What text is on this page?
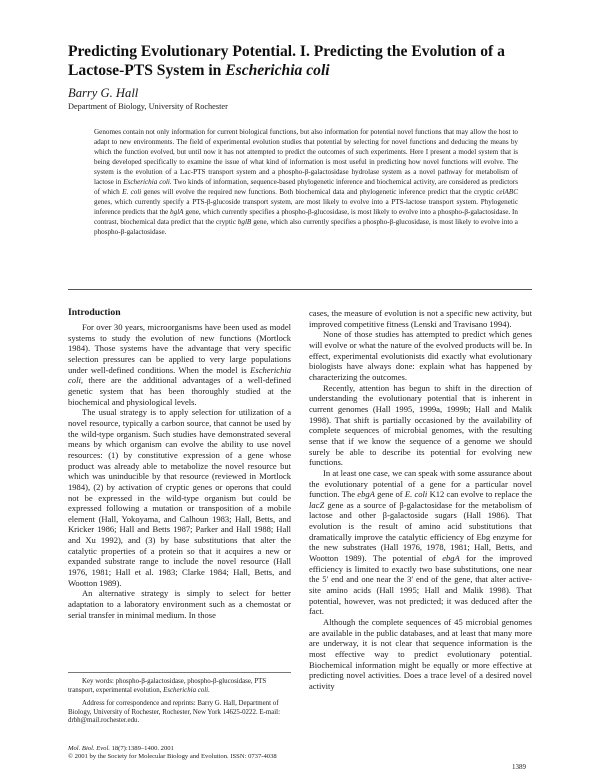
Predicting Evolutionary Potential. I. Predicting the Evolution of a Lactose-PTS System in Escherichia coli
Barry G. Hall
Department of Biology, University of Rochester
Genomes contain not only information for current biological functions, but also information for potential novel functions that may allow the host to adapt to new environments. The field of experimental evolution studies that potential by selecting for novel functions and deducing the means by which the function evolved, but until now it has not attempted to predict the outcomes of such experiments. Here I present a model system that is being developed specifically to examine the issue of what kind of information is most useful in predicting how novel functions will evolve. The system is the evolution of a Lac-PTS transport system and a phospho-β-galactosidase hydrolase system as a novel pathway for metabolism of lactose in Escherichia coli. Two kinds of information, sequence-based phylogenetic inference and biochemical activity, are considered as predictors of which E. coli genes will evolve the required new functions. Both biochemical data and phylogenetic inference predict that the cryptic celABC genes, which currently specify a PTS-β-glucoside transport system, are most likely to evolve into a PTS-lactose transport system. Phylogenetic inference predicts that the bglA gene, which currently specifies a phospho-β-glucosidase, is most likely to evolve into a phospho-β-galactosidase. In contrast, biochemical data predict that the cryptic bglB gene, which also currently specifies a phospho-β-glucosidase, is most likely to evolve into a phospho-β-galactosidase.
Introduction

For over 30 years, microorganisms have been used as model systems to study the evolution of new functions (Mortlock 1984). Those systems have the advantage that very specific selection pressures can be applied to very large populations under well-defined conditions. When the model is Escherichia coli, there are the additional advantages of a well-defined genetic system that has been thoroughly studied at the biochemical and physiological levels.

The usual strategy is to apply selection for utilization of a novel resource, typically a carbon source, that cannot be used by the wild-type organism. Such studies have demonstrated several means by which organism can evolve the ability to use novel resources: (1) by constitutive expression of a gene whose product was already able to metabolize the novel resource but which was uninducible by that resource (reviewed in Mortlock 1984), (2) by activation of cryptic genes or operons that could not be expressed in the wild-type organism but could be expressed following a mutation or transposition of a mobile element (Hall, Yokoyama, and Calhoun 1983; Hall, Betts, and Kricker 1986; Hall and Betts 1987; Parker and Hall 1988; Hall and Xu 1992), and (3) by base substitutions that alter the catalytic properties of a protein so that it acquires a new or expanded substrate range to include the novel resource (Hall 1976, 1981; Hall et al. 1983; Clarke 1984; Hall, Betts, and Wootton 1989).

An alternative strategy is simply to select for better adaptation to a laboratory environment such as a chemostat or serial transfer in minimal medium. In those

Key words: phospho-β-galactosidase, phospho-β-glucosidase, PTS transport, experimental evolution, Escherichia coli.

Address for correspondence and reprints: Barry G. Hall, Department of Biology, University of Rochester, Rochester, New York 14625-0222. E-mail: drbh@mail.rochester.edu.

Mol. Biol. Evol. 18(7):1389–1400. 2001
© 2001 by the Society for Molecular Biology and Evolution. ISSN: 0737-4038

cases, the measure of evolution is not a specific new activity, but improved competitive fitness (Lenski and Travisano 1994).

None of those studies has attempted to predict which genes will evolve or what the nature of the evolved products will be. In effect, experimental evolutionists did exactly what evolutionary biologists have always done: explain what has happened by characterizing the outcomes.

Recently, attention has begun to shift in the direction of understanding the evolutionary potential that is inherent in current genomes (Hall 1995, 1999a, 1999b; Hall and Malik 1998). That shift is partially occasioned by the availability of complete sequences of microbial genomes, with the resulting sense that if we know the sequence of a genome we should surely be able to describe its potential for evolving new functions.

In at least one case, we can speak with some assurance about the evolutionary potential of a gene for a particular novel function. The ebgA gene of E. coli K12 can evolve to replace the lacZ gene as a source of β-galactosidase for the metabolism of lactose and other β-galactoside sugars (Hall 1986). That evolution is the result of amino acid substitutions that dramatically improve the catalytic efficiency of Ebg enzyme for the new substrates (Hall 1976, 1978, 1981; Hall, Betts, and Wootton 1989). The potential of ebgA for the improved efficiency is limited to exactly two base substitutions, one near the 5′ end and one near the 3′ end of the gene, that alter active-site amino acids (Hall 1995; Hall and Malik 1998). That potential, however, was not predicted; it was deduced after the fact.

Although the complete sequences of 45 microbial genomes are available in the public databases, and at least that many more are underway, it is not clear that sequence information is the most effective way to predict evolutionary potential. Biochemical information might be equally or more effective at predicting novel activities. Does a trace level of a desired novel activity

1389
